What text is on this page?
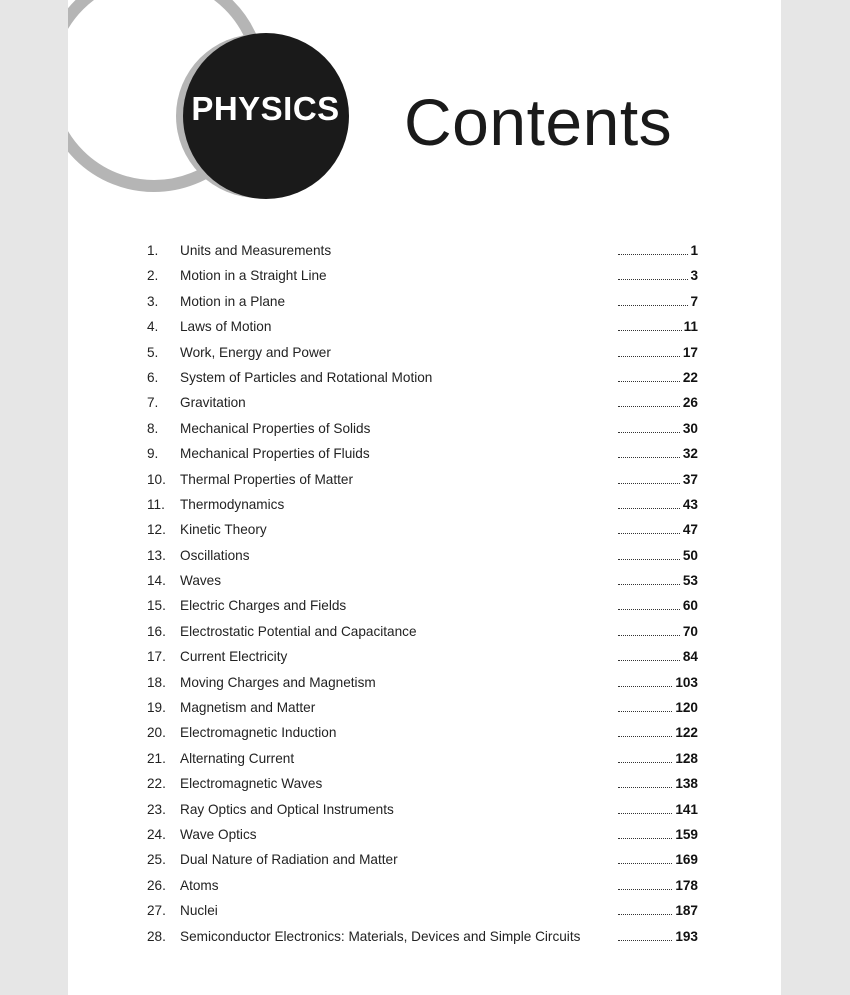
PHYSICS Contents
1. Units and Measurements	1
2. Motion in a Straight Line	3
3. Motion in a Plane	7
4. Laws of Motion	11
5. Work, Energy and Power	17
6. System of Particles and Rotational Motion	22
7. Gravitation	26
8. Mechanical Properties of Solids	30
9. Mechanical Properties of Fluids	32
10. Thermal Properties of Matter	37
11. Thermodynamics	43
12. Kinetic Theory	47
13. Oscillations	50
14. Waves	53
15. Electric Charges and Fields	60
16. Electrostatic Potential and Capacitance	70
17. Current Electricity	84
18. Moving Charges and Magnetism	103
19. Magnetism and Matter	120
20. Electromagnetic Induction	122
21. Alternating Current	128
22. Electromagnetic Waves	138
23. Ray Optics and Optical Instruments	141
24. Wave Optics	159
25. Dual Nature of Radiation and Matter	169
26. Atoms	178
27. Nuclei	187
28. Semiconductor Electronics: Materials, Devices and Simple Circuits	193
